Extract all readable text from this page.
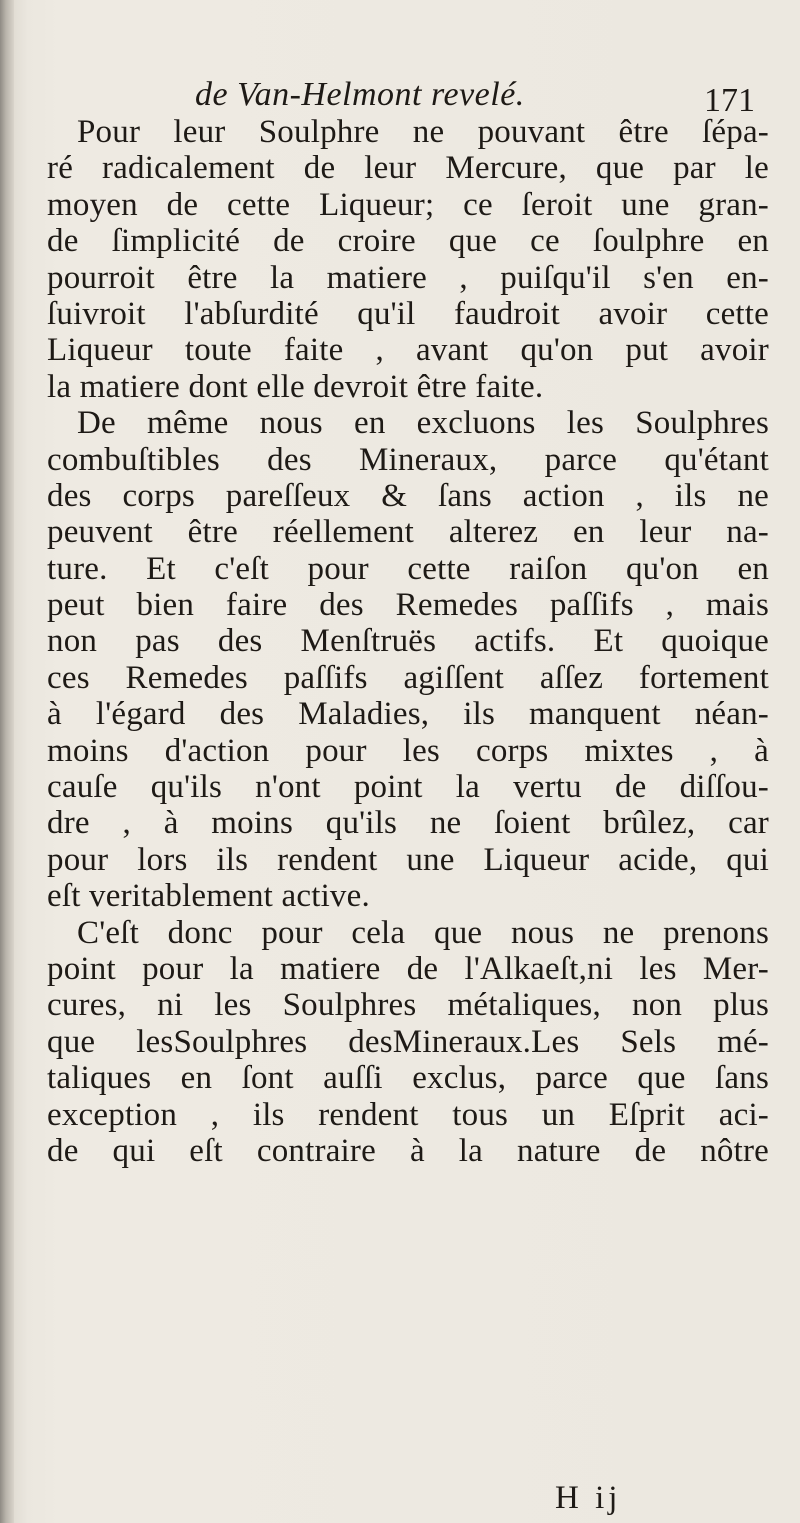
de Van-Helmont revelé.	171
Pour leur Soulphre ne pouvant être ſépa-
ré radicalement de leur Mercure, que par le
moyen de cette Liqueur; ce ſeroit une gran-
de ſimplicité de croire que ce ſoulphre en
pourroit être la matiere , puiſqu'il s'en en-
ſuivroit l'abſurdité qu'il faudroit avoir cette
Liqueur toute faite , avant qu'on put avoir
la matiere dont elle devroit être faite.
De même nous en excluons les Soulphres
combuſtibles des Mineraux, parce qu'étant
des corps pareſſeux & ſans action , ils ne
peuvent être réellement alterez en leur na-
ture. Et c'eſt pour cette raiſon qu'on en
peut bien faire des Remedes paſſifs , mais
non pas des Menſtruës actifs. Et quoique
ces Remedes paſſifs agiſſent aſſez fortement
à l'égard des Maladies, ils manquent néan-
moins d'action pour les corps mixtes , à
cauſe qu'ils n'ont point la vertu de diſſou-
dre , à moins qu'ils ne ſoient brûlez, car
pour lors ils rendent une Liqueur acide, qui
eſt veritablement active.
C'eſt donc pour cela que nous ne prenons
point pour la matiere de l'Alkaeſt,ni les Mer-
cures, ni les Soulphres métaliques, non plus
que lesSoulphres desMineraux.Les Sels mé-
taliques en ſont auſſi exclus, parce que ſans
exception , ils rendent tous un Eſprit aci-
de qui eſt contraire à la nature de nôtre
H ij
